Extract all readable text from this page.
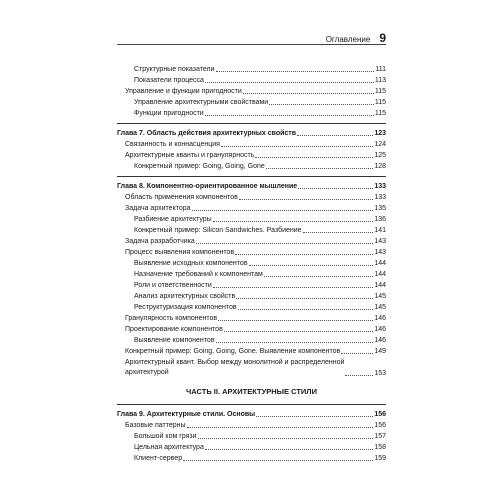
Оглавление 9
Структурные показатели	111
Показатели процесса	113
Управление и функции пригодности	115
Управление архитектурными свойствами	115
Функции пригодности	115
Глава 7. Область действия архитектурных свойств	123
Связанность и коннасценция	124
Архитектурные кванты и гранулярность	125
Конкретный пример: Going, Going, Gone	128
Глава 8. Компонентно-ориентированное мышление	133
Область применения компонентов	133
Задача архитектора	135
Разбиение архитектуры	136
Конкретный пример: Silicon Sandwiches. Разбиение	141
Задача разработчика	143
Процесс выявления компонентов	143
Выявление исходных компонентов	144
Назначение требований к компонентам	144
Роли и ответственности	144
Анализ архитектурных свойств	145
Реструктуризация компонентов	145
Гранулярность компонентов	146
Проектирование компонентов	146
Выявление компонентов	146
Конкретный пример: Going, Going, Gone. Выявление компонентов	149
Архитектурный квант. Выбор между монолитной и распределенной
архитектурой	153
ЧАСТЬ II. АРХИТЕКТУРНЫЕ СТИЛИ
Глава 9. Архитектурные стили. Основы	156
Базовые паттерны	156
Большой ком грязи	157
Цельная архитектура	158
Клиент-сервер	159
